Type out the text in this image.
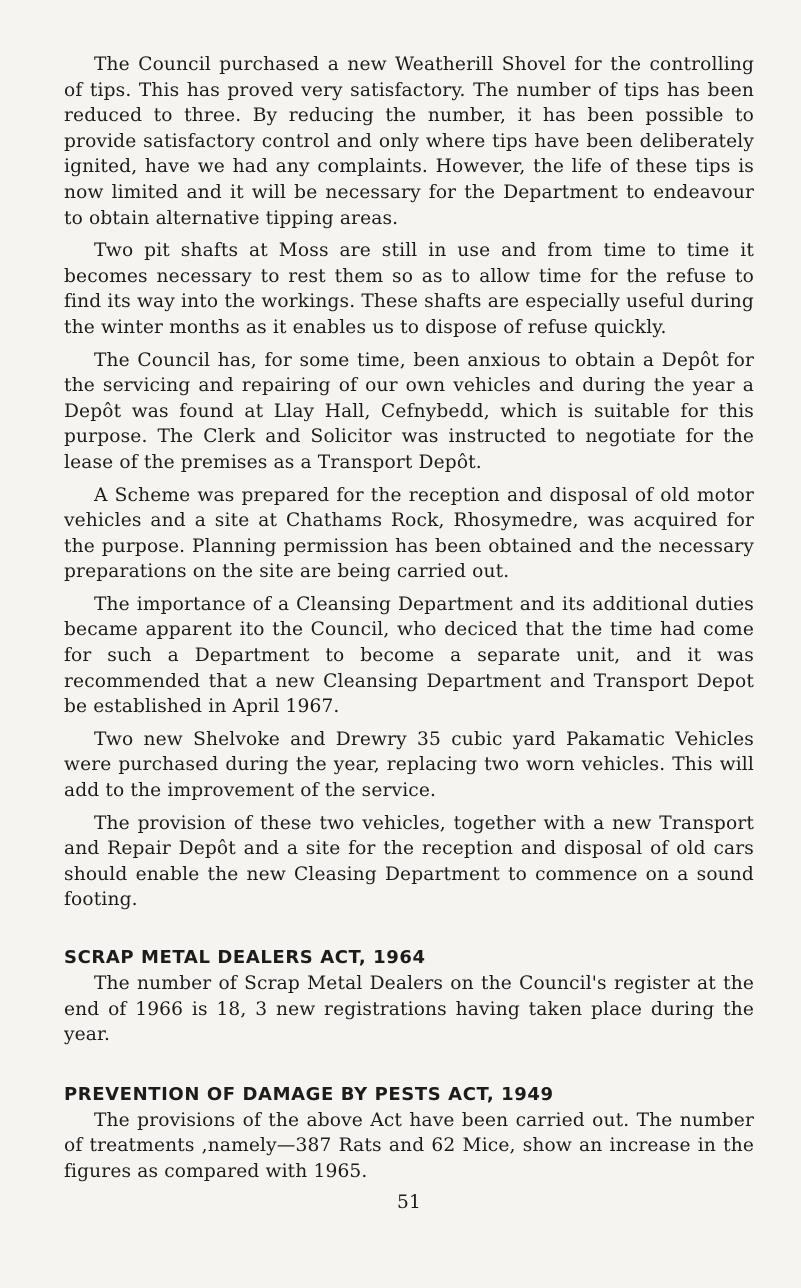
The Council purchased a new Weatherill Shovel for the controlling of tips. This has proved very satisfactory. The number of tips has been reduced to three. By reducing the number, it has been possible to provide satisfactory control and only where tips have been deliberately ignited, have we had any complaints. However, the life of these tips is now limited and it will be necessary for the Department to endeavour to obtain alternative tipping areas.

Two pit shafts at Moss are still in use and from time to time it becomes necessary to rest them so as to allow time for the refuse to find its way into the workings. These shafts are especially useful during the winter months as it enables us to dispose of refuse quickly.

The Council has, for some time, been anxious to obtain a Depôt for the servicing and repairing of our own vehicles and during the year a Depôt was found at Llay Hall, Cefnybedd, which is suitable for this purpose. The Clerk and Solicitor was instructed to negotiate for the lease of the premises as a Transport Depôt.

A Scheme was prepared for the reception and disposal of old motor vehicles and a site at Chathams Rock, Rhosymedre, was acquired for the purpose. Planning permission has been obtained and the necessary preparations on the site are being carried out.

The importance of a Cleansing Department and its additional duties became apparent ito the Council, who deciced that the time had come for such a Department to become a separate unit, and it was recommended that a new Cleansing Department and Transport Depot be established in April 1967.

Two new Shelvoke and Drewry 35 cubic yard Pakamatic Vehicles were purchased during the year, replacing two worn vehicles. This will add to the improvement of the service.

The provision of these two vehicles, together with a new Transport and Repair Depôt and a site for the reception and disposal of old cars should enable the new Cleasing Department to commence on a sound footing.

SCRAP METAL DEALERS ACT, 1964

The number of Scrap Metal Dealers on the Council's register at the end of 1966 is 18, 3 new registrations having taken place during the year.

PREVENTION OF DAMAGE BY PESTS ACT, 1949

The provisions of the above Act have been carried out. The number of treatments ,namely—387 Rats and 62 Mice, show an increase in the figures as compared with 1965.

51
